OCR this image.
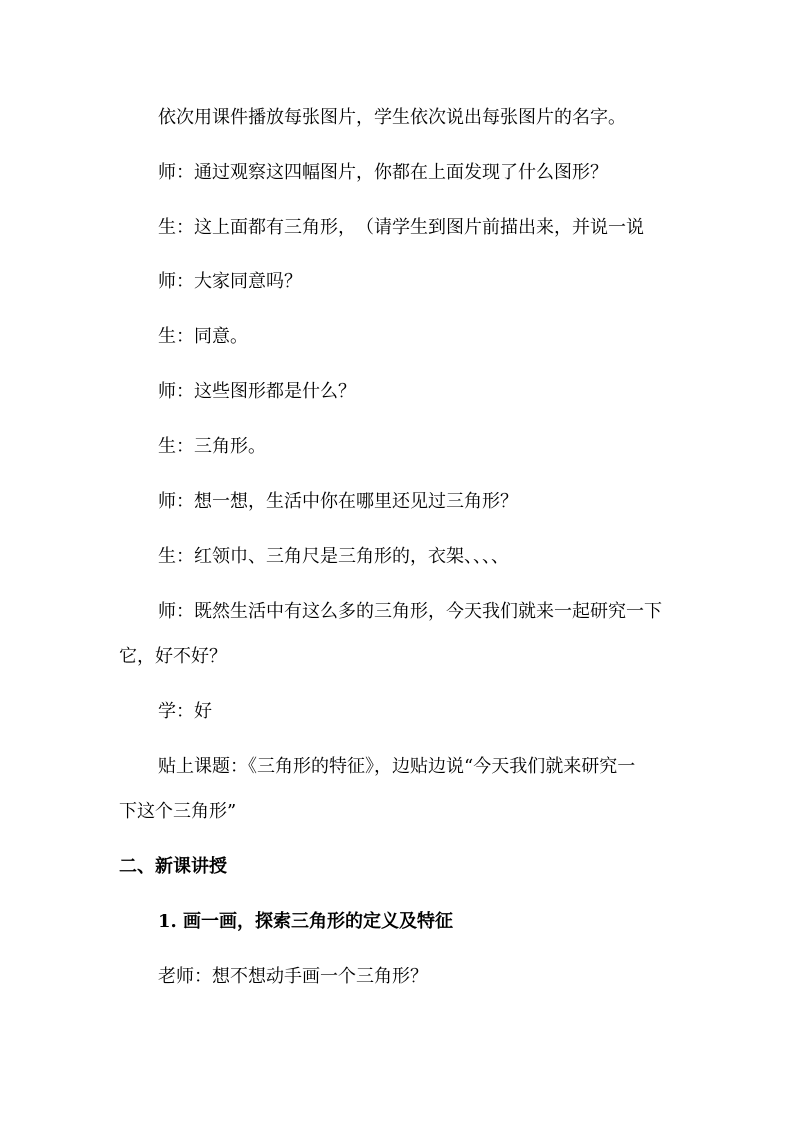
依次用课件播放每张图片，学生依次说出每张图片的名字。
师：通过观察这四幅图片，你都在上面发现了什么图形？
生：这上面都有三角形，　（请学生到图片前描出来，并说一说
师：大家同意吗？
生：同意。
师：这些图形都是什么？
生：三角形。
师：想一想，生活中你在哪里还见过三角形？
生：红领巾、三角尺是三角形的，衣架、、、、
师：既然生活中有这么多的三角形，今天我们就来一起研究一下
它，好不好？
学：好
贴上课题：《三角形的特征》，边贴边说“今天我们就来研究一
下这个三角形”
二、新课讲授
1. 画一画，探索三角形的定义及特征
老师：想不想动手画一个三角形？
